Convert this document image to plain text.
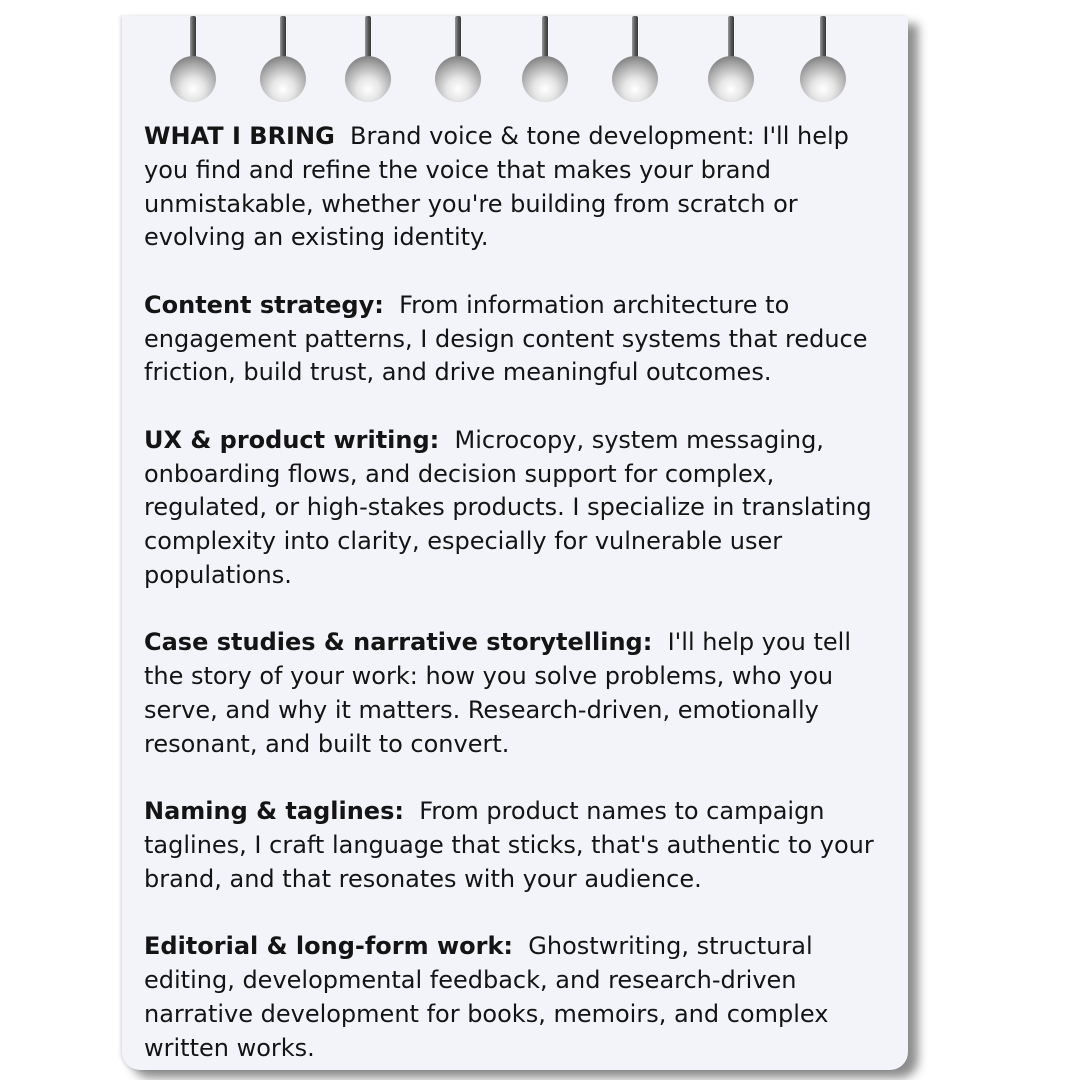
WHAT I BRING Brand voice & tone development: I'll help you find and refine the voice that makes your brand unmistakable, whether you're building from scratch or evolving an existing identity.

Content strategy: From information architecture to engagement patterns, I design content systems that reduce friction, build trust, and drive meaningful outcomes.

UX & product writing: Microcopy, system messaging, onboarding flows, and decision support for complex, regulated, or high-stakes products. I specialize in translating complexity into clarity, especially for vulnerable user populations.

Case studies & narrative storytelling: I'll help you tell the story of your work: how you solve problems, who you serve, and why it matters. Research-driven, emotionally resonant, and built to convert.

Naming & taglines: From product names to campaign taglines, I craft language that sticks, that's authentic to your brand, and that resonates with your audience.

Editorial & long-form work: Ghostwriting, structural editing, developmental feedback, and research-driven narrative development for books, memoirs, and complex written works.
